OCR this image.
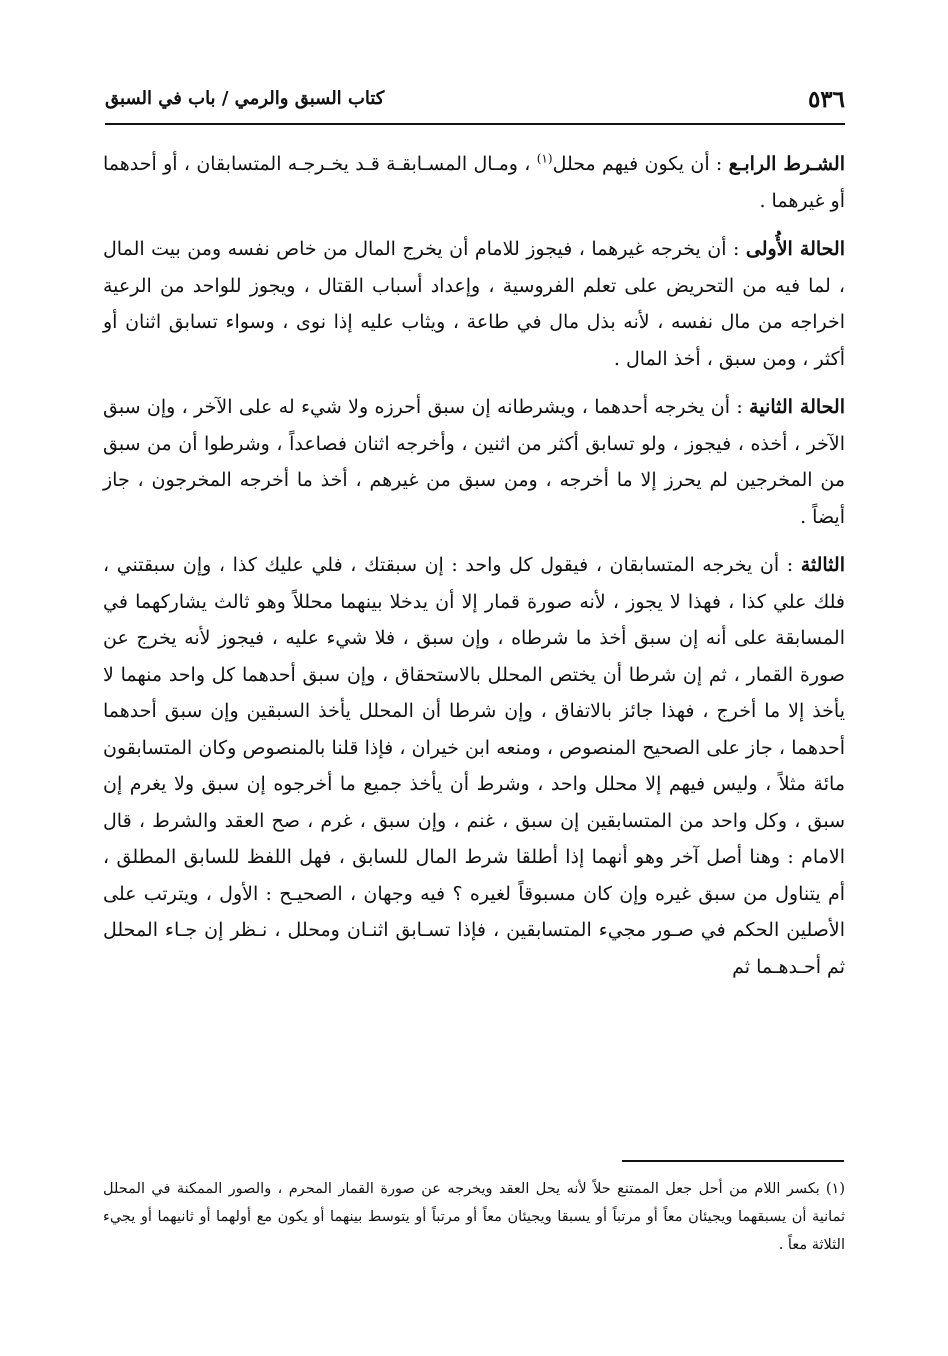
٥٣٦
كتاب السبق والرمي / باب في السبق

الشـرط الرابـع : أن يكون فيهم محلل$^{(١)}$ ، ومـال المسـابقـة قـد يخـرجـه المتسابقان ، أو أحدهما أو غيرهما .

الحالة الأُولى : أن يخرجه غيرهما ، فيجوز للامام أن يخرج المال من خاص نفسه ومن بيت المال ، لما فيه من التحريض على تعلم الفروسية ، وإعداد أسباب القتال ، ويجوز للواحد من الرعية اخراجه من مال نفسه ، لأنه بذل مال في طاعة ، ويثاب عليه إذا نوى ، وسواء تسابق اثنان أو أكثر ، ومن سبق ، أخذ المال .

الحالة الثانية : أن يخرجه أحدهما ، ويشرطانه إن سبق أحرزه ولا شيء له على الآخر ، وإن سبق الآخر ، أخذه ، فيجوز ، ولو تسابق أكثر من اثنين ، وأخرجه اثنان فصاعداً ، وشرطوا أن من سبق من المخرجين لم يحرز إلا ما أخرجه ، ومن سبق من غيرهم ، أخذ ما أخرجه المخرجون ، جاز أيضاً .

الثالثة : أن يخرجه المتسابقان ، فيقول كل واحد : إن سبقتك ، فلي عليك كذا ، وإن سبقتني ، فلك علي كذا ، فهذا لا يجوز ، لأنه صورة قمار إلا أن يدخلا بينهما محللاً وهو ثالث يشاركهما في المسابقة على أنه إن سبق أخذ ما شرطاه ، وإن سبق ، فلا شيء عليه ، فيجوز لأنه يخرج عن صورة القمار ، ثم إن شرطا أن يختص المحلل بالاستحقاق ، وإن سبق أحدهما كل واحد منهما لا يأخذ إلا ما أخرج ، فهذا جائز بالاتفاق ، وإن شرطا أن المحلل يأخذ السبقين وإن سبق أحدهما أحدهما ، جاز على الصحيح المنصوص ، ومنعه ابن خيران ، فإذا قلنا بالمنصوص وكان المتسابقون مائة مثلاً ، وليس فيهم إلا محلل واحد ، وشرط أن يأخذ جميع ما أخرجوه إن سبق ولا يغرم إن سبق ، وكل واحد من المتسابقين إن سبق ، غنم ، وإن سبق ، غرم ، صح العقد والشرط ، قال الامام : وهنا أصل آخر وهو أنهما إذا أطلقا شرط المال للسابق ، فهل اللفظ للسابق المطلق ، أم يتناول من سبق غيره وإن كان مسبوقاً لغيره ؟ فيه وجهان ، الصحيـح : الأول ، ويترتب على الأصلين الحكم في صـور مجيء المتسابقين ، فإذا تسـابق اثنـان ومحلل ، نـظر إن جـاء المحلل ثم أحـدهـما ثم

(١)بكسر اللام من أحل جعل الممتنع حلاً لأنه يحل العقد ويخرجه عن صورة القمار المحرم ، والصور الممكنة في المحلل ثمانية أن يسبقهما ويجيئان معاً أو مرتباً أو يسبقا ويجيئان معاً أو مرتباً أو يتوسط بينهما أو يكون مع أولهما أو ثانيهما أو يجيء الثلاثة معاً .
